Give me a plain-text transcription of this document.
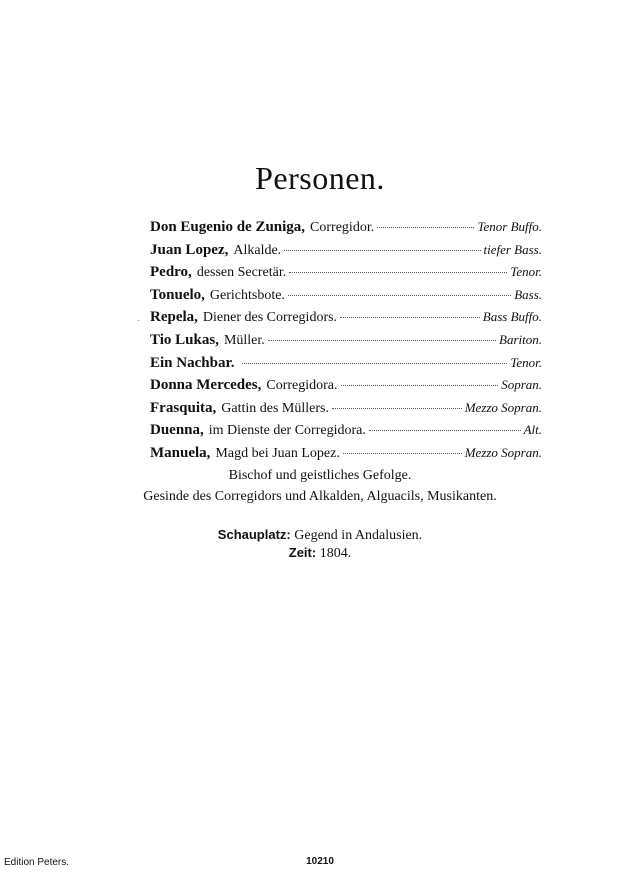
Personen.
·
Don Eugenio de Zuniga, Corregidor.	Tenor Buffo.
Juan Lopez, Alkalde.	tiefer Bass.
Pedro, dessen Secretär.	Tenor.
Tonuelo, Gerichtsbote.	Bass.
Repela, Diener des Corregidors.	Bass Buffo.
Tio Lukas, Müller.	Bariton.
Ein Nachbar.	Tenor.
Donna Mercedes, Corregidora.	Sopran.
Frasquita, Gattin des Müllers.	Mezzo Sopran.
Duenna, im Dienste der Corregidora.	Alt.
Manuela, Magd bei Juan Lopez.	Mezzo Sopran.
Bischof und geistliches Gefolge.
Gesinde des Corregidors und Alkalden, Alguacils, Musikanten.
Schauplatz: Gegend in Andalusien.
Zeit: 1804.
Edition Peters.	10210
